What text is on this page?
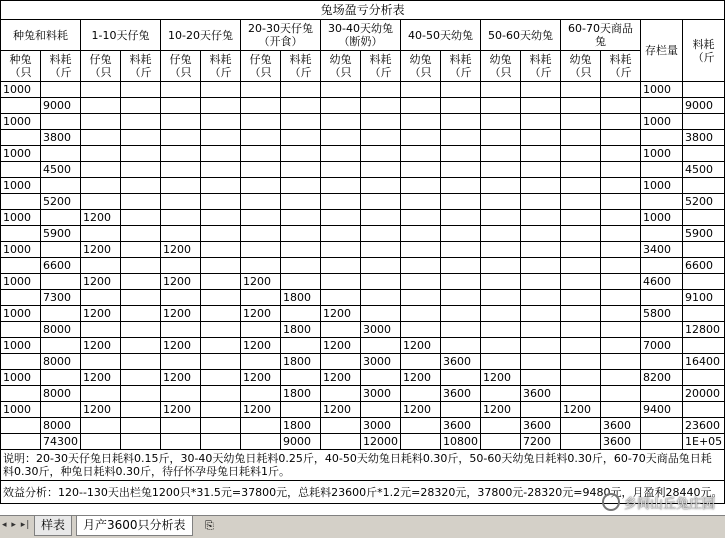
兔场盈亏分析表																	
种兔和料耗		1-10天仔兔		10-20天仔兔		20-30天仔兔（开食）		30-40天幼兔（断奶）		40-50天幼兔		50-60天幼兔		60-70天商品兔		存栏量	料耗（斤
种兔（只	料耗（斤	仔兔（只	料耗（斤	仔兔（只	料耗（斤	仔兔（只	料耗（斤	幼兔（只	料耗（斤	幼兔（只	料耗（斤	幼兔（只	料耗（斤	幼兔（只	料耗（斤		
1000																1000	
	9000																9000
1000																1000	
	3800																3800
1000																1000	
	4500																4500
1000																1000	
	5200																5200
1000		1200														1000	
	5900																5900
1000		1200		1200												3400	
	6600																6600
1000		1200		1200		1200										4600	
	7300						1800										9100
1000		1200		1200		1200		1200								5800	
	8000						1800		3000								12800
1000		1200		1200		1200		1200		1200						7000	
	8000						1800		3000		3600						16400
1000		1200		1200		1200		1200		1200		1200				8200	
	8000						1800		3000		3600		3600				20000
1000		1200		1200		1200		1200		1200		1200		1200		9400	
	8000						1800		3000		3600		3600		3600		23600
	74300						9000		12000		10800		7200		3600		1E+05
说明：20-30天仔兔日耗料0.15斤，30-40天幼兔日耗料0.25斤，40-50天幼兔日耗料0.30斤，50-60天幼兔日耗料0.30斤，60-70天商品兔日耗料0.30斤，种兔日耗料0.30斤，待仔怀孕母兔日耗料1斤。																	
效益分析：120--130天出栏兔1200只*31.5元=37800元，总耗料23600斤*1.2元=28320元，37800元-28320元=9480元，月盈利28440元。																	
◂ ▸ ▸| 样表	月产3600只分析表	⎘
乡间山丘兔庄园
